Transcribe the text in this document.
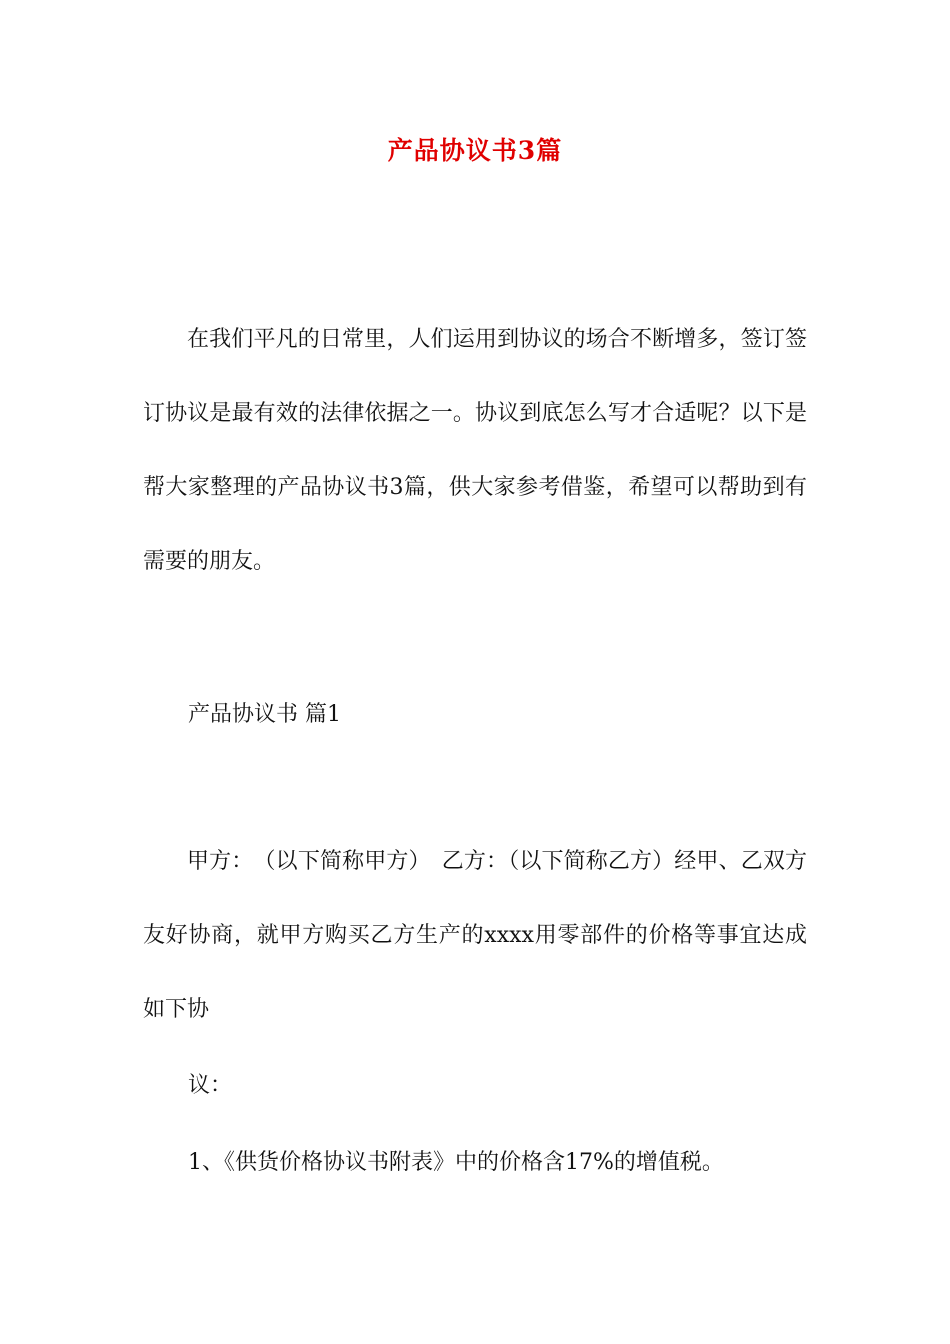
产品协议书3篇

在我们平凡的日常里，人们运用到协议的场合不断增多，签订签订协议是最有效的法律依据之一。协议到底怎么写才合适呢？以下是帮大家整理的产品协议书3篇，供大家参考借鉴，希望可以帮助到有需要的朋友。

产品协议书 篇1

甲方：　（以下简称甲方）　乙方：（以下简称乙方）经甲、乙双方友好协商，就甲方购买乙方生产的xxxx用零部件的价格等事宜达成如下协

议：
1、《供货价格协议书附表》中的价格含17%的增值税。
